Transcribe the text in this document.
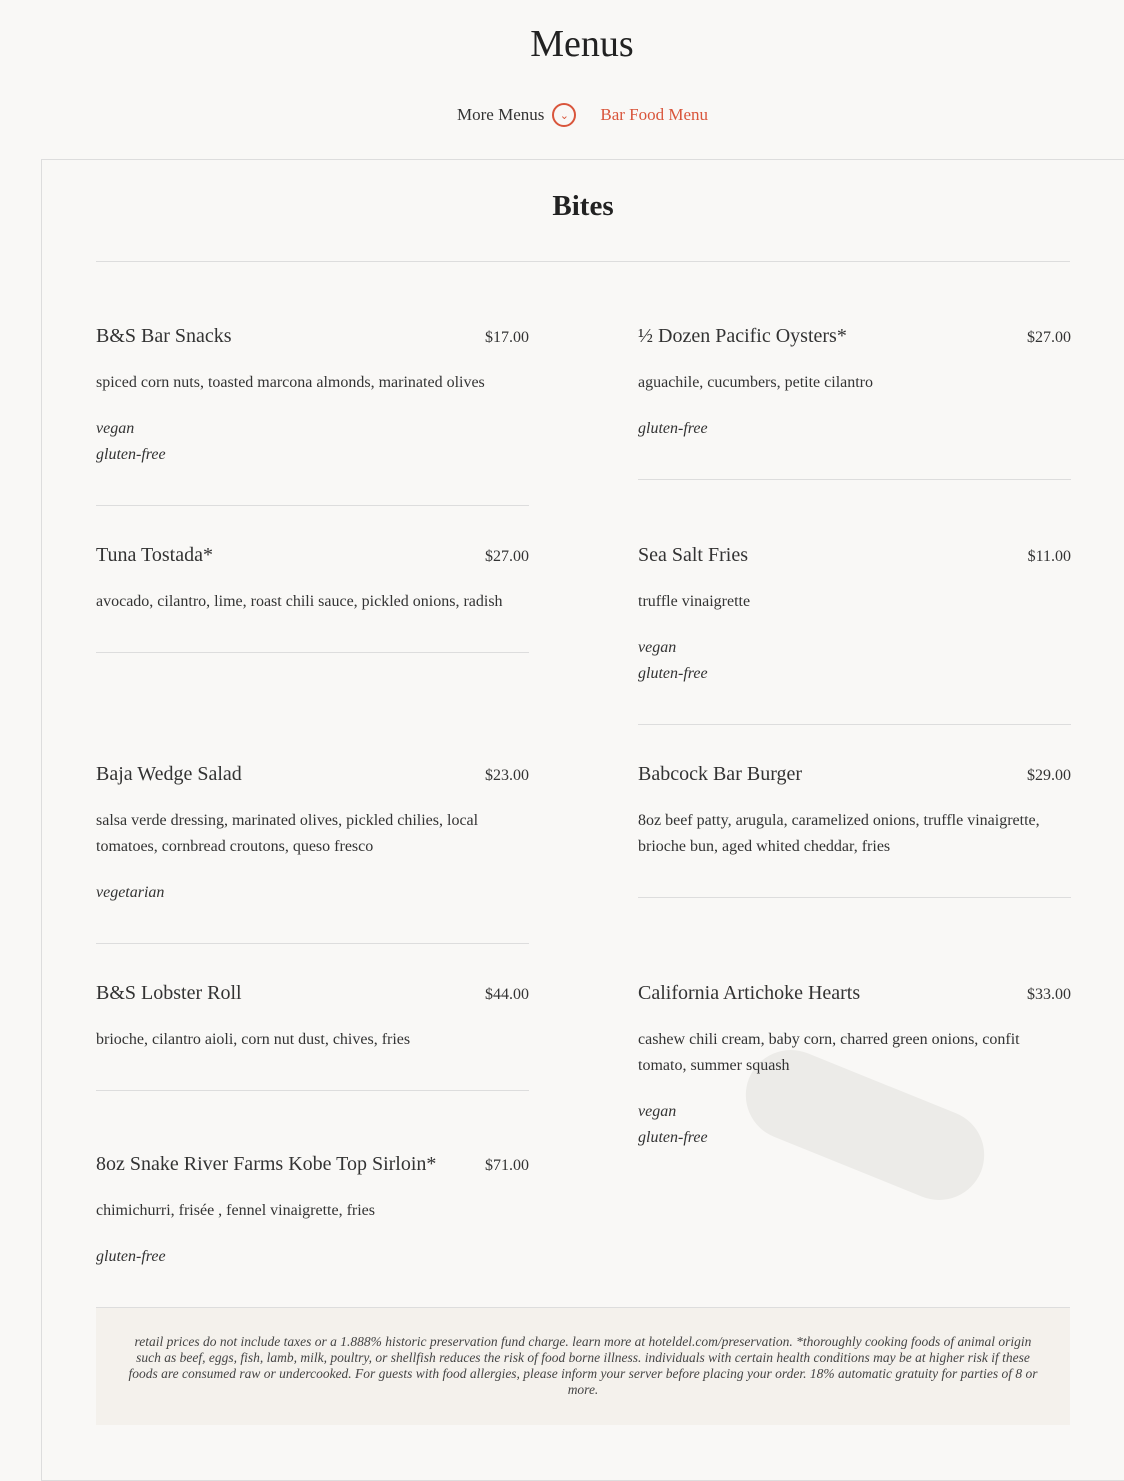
Menus
More Menus	⌄	Bar Food Menu
Bites
B&S Bar Snacks	$17.00
spiced corn nuts, toasted marcona almonds, marinated olives
vegan
gluten-free
Tuna Tostada*	$27.00
avocado, cilantro, lime, roast chili sauce, pickled onions, radish
Baja Wedge Salad	$23.00
salsa verde dressing, marinated olives, pickled chilies, local tomatoes, cornbread croutons, queso fresco
vegetarian
B&S Lobster Roll	$44.00
brioche, cilantro aioli, corn nut dust, chives, fries
8oz Snake River Farms Kobe Top Sirloin*	$71.00
chimichurri, frisée , fennel vinaigrette, fries
gluten-free
½ Dozen Pacific Oysters*	$27.00
aguachile, cucumbers, petite cilantro
gluten-free
Sea Salt Fries	$11.00
truffle vinaigrette
vegan
gluten-free
Babcock Bar Burger	$29.00
8oz beef patty, arugula, caramelized onions, truffle vinaigrette, brioche bun, aged whited cheddar, fries
California Artichoke Hearts	$33.00
cashew chili cream, baby corn, charred green onions, confit tomato, summer squash
vegan
gluten-free
retail prices do not include taxes or a 1.888% historic preservation fund charge. learn more at hoteldel.com/preservation. *thoroughly cooking foods of animal origin such as beef, eggs, fish, lamb, milk, poultry, or shellfish reduces the risk of food borne illness. individuals with certain health conditions may be at higher risk if these foods are consumed raw or undercooked. For guests with food allergies, please inform your server before placing your order. 18% automatic gratuity for parties of 8 or more.
